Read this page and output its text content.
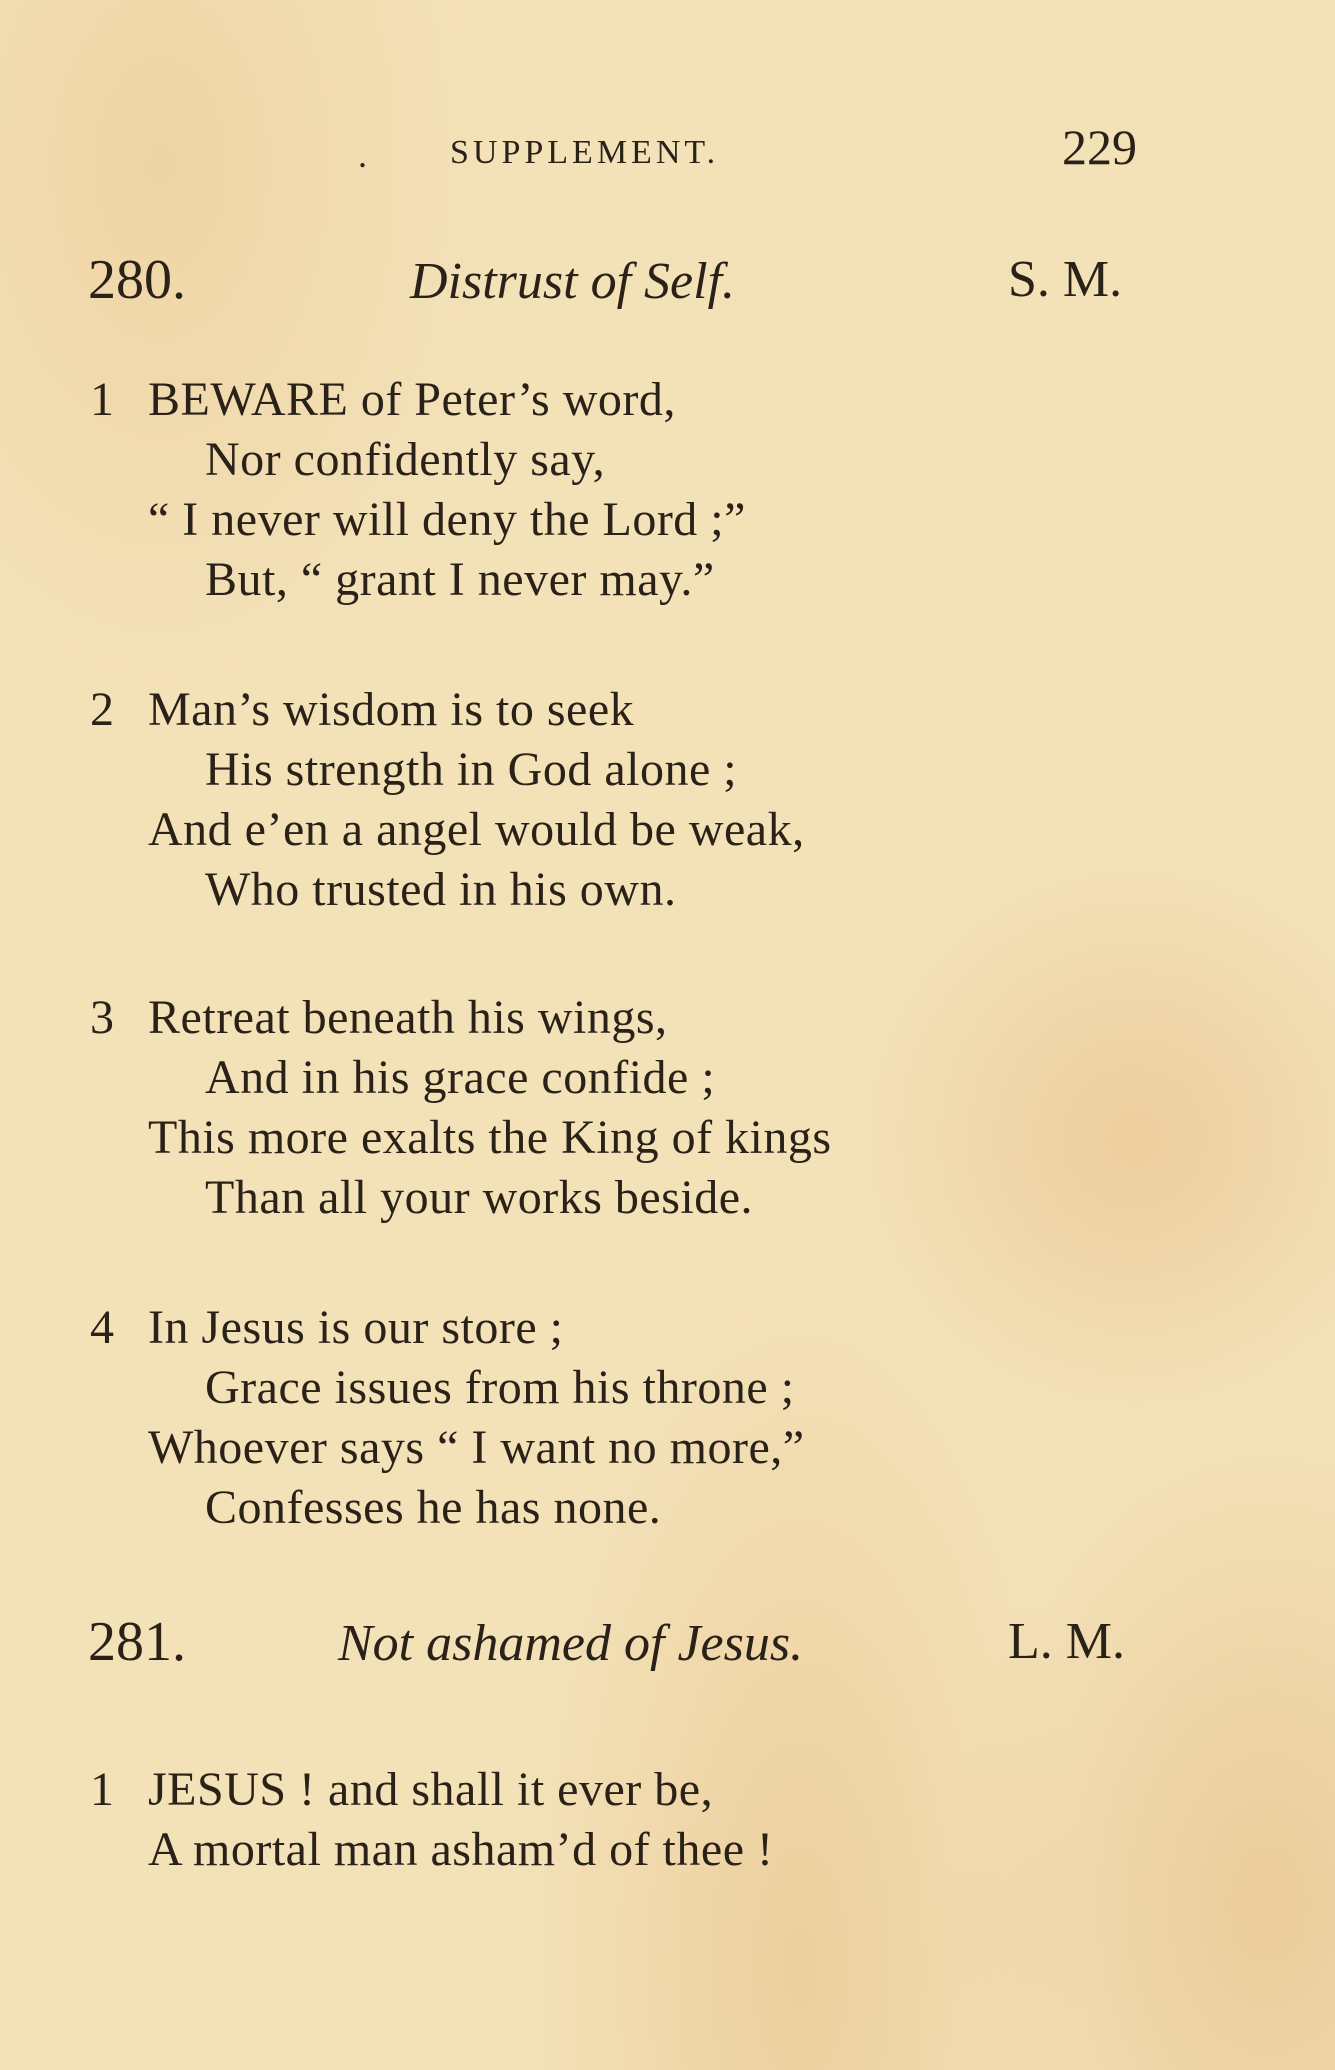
. SUPPLEMENT.	229
280.	Distrust of Self.	S. M.
1 BEWARE of Peter’s word,
Nor confidently say,
“ I never will deny the Lord ;”
But, “ grant I never may.”
2 Man’s wisdom is to seek
His strength in God alone ;
And e’en a angel would be weak,
Who trusted in his own.
3 Retreat beneath his wings,
And in his grace confide ;
This more exalts the King of kings
Than all your works beside.
4 In Jesus is our store ;
Grace issues from his throne ;
Whoever says “ I want no more,”
Confesses he has none.
281.	Not ashamed of Jesus.	L. M.
1 JESUS ! and shall it ever be,
A mortal man asham’d of thee !
